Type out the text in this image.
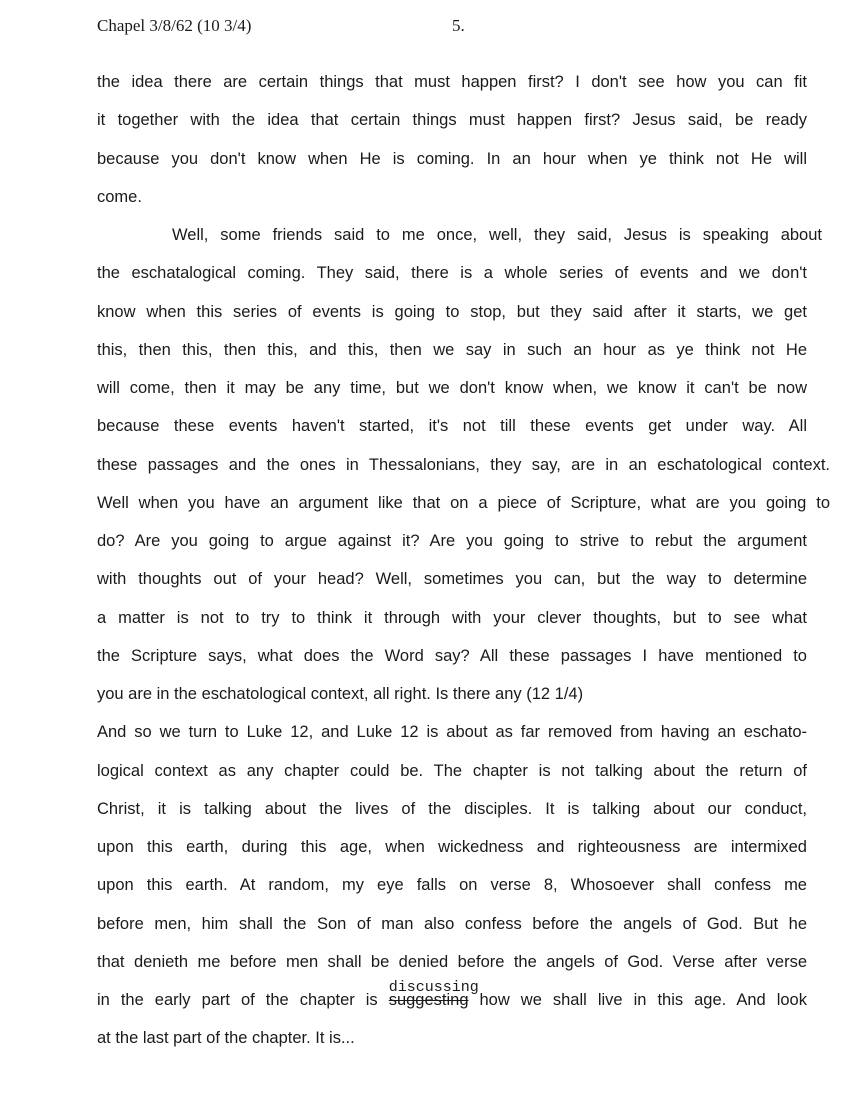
Chapel 3/8/62 (10 3/4)	5.
the idea there are certain things that must happen first? I don't see how you can fit
it together with the idea that certain things must happen first? Jesus said, be ready
because you don't know when He is coming. In an hour when ye think not He will
come.
Well, some friends said to me once, well, they said, Jesus is speaking about
the eschatalogical coming. They said, there is a whole series of events and we don't
know when this series of events is going to stop, but they said after it starts, we get
this, then this, then this, and this, then we say in such an hour as ye think not He
will come, then it may be any time, but we don't know when, we know it can't be now
because these events haven't started, it's not till these events get under way. All
these passages and the ones in Thessalonians, they say, are in an eschatological context.
Well when you have an argument like that on a piece of Scripture, what are you going to
do? Are you going to argue against it? Are you going to strive to rebut the argument
with thoughts out of your head? Well, sometimes you can, but the way to determine
a matter is not to try to think it through with your clever thoughts, but to see what
the Scripture says, what does the Word say? All these passages I have mentioned to
you are in the eschatological context, all right. Is there any (12 1/4)
And so we turn to Luke 12, and Luke 12 is about as far removed from having an eschato-
logical context as any chapter could be. The chapter is not talking about the return of
Christ, it is talking about the lives of the disciples. It is talking about our conduct,
upon this earth, during this age, when wickedness and righteousness are intermixed
upon this earth. At random, my eye falls on verse 8, Whosoever shall confess me
before men, him shall the Son of man also confess before the angels of God. But he
that denieth me before men shall be denied before the angels of God. Verse after verse
in the early part of the chapter is
discussing
suggesting how we shall live in this age. And look
at the last part of the chapter. It is...
